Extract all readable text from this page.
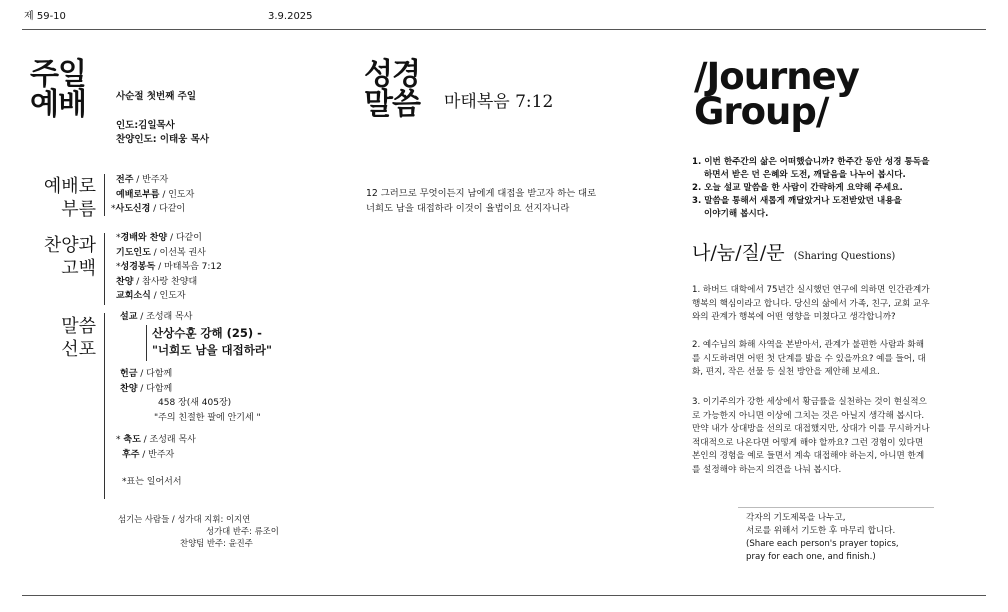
제 59-10	3.9.2025
주일
예배	사순절 첫번째 주일
인도:김일목사
찬양인도: 이태웅 목사
예배로
부름
전주 / 반주자
예배로부름 / 인도자
*사도신경 / 다같이
찬양과
고백
*경배와 찬양 / 다같이
기도인도 / 이선복 권사
*성경봉독 / 마태복음 7:12
찬양 / 참사랑 찬양대
교회소식 / 인도자
말씀
선포
설교 / 조성래 목사
산상수훈 강해 (25) -
"너희도 남을 대접하라"
헌금 / 다함께
찬양 / 다함께
458 장(새 405장)
"주의 친절한 팔에 안기세 "
* 축도 / 조성래 목사
후주 / 반주자
*표는 일어서서
섬기는 사람들 / 성가대 지휘: 이지연
성가대 반주: 류조이
찬양팀 반주: 윤진주
성경
말씀 마태복음 7:12
12 그러므로 무엇이든지 남에게 대접을 받고자 하는 대로
너희도 남을 대접하라 이것이 율법이요 선지자니라
/Journey
Group/
1. 이번 한주간의 삶은 어떠했습니까? 한주간 동안 성경 통독을
하면서 받은 던 은혜와 도전, 깨달음을 나누어 봅시다.
2. 오늘 설교 말씀을 한 사람이 간략하게 요약해 주세요.
3. 말씀을 통해서 새롭게 깨달았거나 도전받았던 내용을
이야기해 봅시다.
나/눔/질/문 (Sharing Questions)
1. 하버드 대학에서 75년간 실시했던 연구에 의하면 인간관계가
행복의 핵심이라고 합니다. 당신의 삶에서 가족, 친구, 교회 교우
와의 관계가 행복에 어떤 영향을 미쳤다고 생각합니까?
2. 예수님의 화해 사역을 본받아서, 관계가 불편한 사람과 화해
를 시도하려면 어떤 첫 단계를 밟을 수 있을까요? 예를 들어, 대
화, 편지, 작은 선물 등 실천 방안을 제안해 보세요.
3. 이기주의가 강한 세상에서 황금률을 실천하는 것이 현실적으
로 가능한지 아니면 이상에 그치는 것은 아닐지 생각해 봅시다.
만약 내가 상대방을 선의로 대접했지만, 상대가 이를 무시하거나
적대적으로 나온다면 어떻게 해야 할까요? 그런 경험이 있다면
본인의 경험을 예로 들면서 계속 대접해야 하는지, 아니면 한계
를 설정해야 하는지 의견을 나눠 봅시다.
각자의 기도제목을 나누고,
서로를 위해서 기도한 후 마무리 합니다.
(Share each person's prayer topics,
pray for each one, and finish.)
